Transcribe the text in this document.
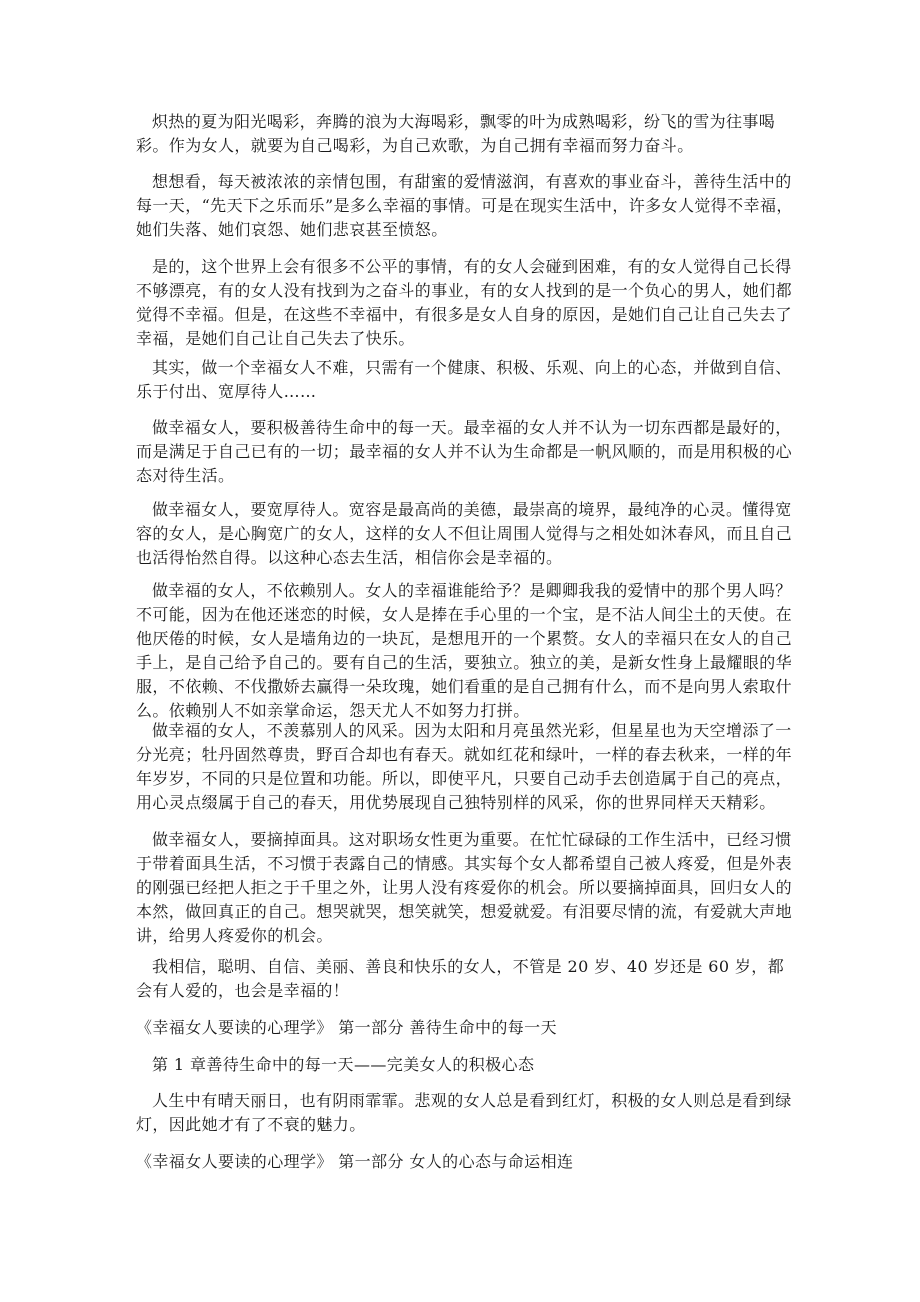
炽热的夏为阳光喝彩，奔腾的浪为大海喝彩，飘零的叶为成熟喝彩，纷飞的雪为往事喝彩。作为女人，就要为自己喝彩，为自己欢歌，为自己拥有幸福而努力奋斗。

想想看，每天被浓浓的亲情包围，有甜蜜的爱情滋润，有喜欢的事业奋斗，善待生活中的每一天，“先天下之乐而乐”是多么幸福的事情。可是在现实生活中，许多女人觉得不幸福，她们失落、她们哀怨、她们悲哀甚至愤怒。

是的，这个世界上会有很多不公平的事情，有的女人会碰到困难，有的女人觉得自己长得不够漂亮，有的女人没有找到为之奋斗的事业，有的女人找到的是一个负心的男人，她们都觉得不幸福。但是，在这些不幸福中，有很多是女人自身的原因，是她们自己让自己失去了幸福，是她们自己让自己失去了快乐。

其实，做一个幸福女人不难，只需有一个健康、积极、乐观、向上的心态，并做到自信、乐于付出、宽厚待人……

做幸福女人，要积极善待生命中的每一天。最幸福的女人并不认为一切东西都是最好的，而是满足于自己已有的一切；最幸福的女人并不认为生命都是一帆风顺的，而是用积极的心态对待生活。

做幸福女人，要宽厚待人。宽容是最高尚的美德，最崇高的境界，最纯净的心灵。懂得宽容的女人，是心胸宽广的女人，这样的女人不但让周围人觉得与之相处如沐春风，而且自己也活得怡然自得。以这种心态去生活，相信你会是幸福的。

做幸福的女人，不依赖别人。女人的幸福谁能给予？是卿卿我我的爱情中的那个男人吗？不可能，因为在他还迷恋的时候，女人是捧在手心里的一个宝，是不沾人间尘土的天使。在他厌倦的时候，女人是墙角边的一块瓦，是想甩开的一个累赘。女人的幸福只在女人的自己手上，是自己给予自己的。要有自己的生活，要独立。独立的美，是新女性身上最耀眼的华服，不依赖、不伐撒娇去赢得一朵玫瑰，她们看重的是自己拥有什么，而不是向男人索取什么。依赖别人不如亲掌命运，怨天尤人不如努力打拼。

做幸福的女人，不羡慕别人的风采。因为太阳和月亮虽然光彩，但星星也为天空增添了一分光亮；牡丹固然尊贵，野百合却也有春天。就如红花和绿叶，一样的春去秋来，一样的年年岁岁，不同的只是位置和功能。所以，即使平凡，只要自己动手去创造属于自己的亮点，用心灵点缀属于自己的春天，用优势展现自己独特别样的风采，你的世界同样天天精彩。

做幸福女人，要摘掉面具。这对职场女性更为重要。在忙忙碌碌的工作生活中，已经习惯于带着面具生活，不习惯于表露自己的情感。其实每个女人都希望自己被人疼爱，但是外表的刚强已经把人拒之于千里之外，让男人没有疼爱你的机会。所以要摘掉面具，回归女人的本然，做回真正的自己。想哭就哭，想笑就笑，想爱就爱。有泪要尽情的流，有爱就大声地讲，给男人疼爱你的机会。

我相信，聪明、自信、美丽、善良和快乐的女人，不管是 20 岁、40 岁还是 60 岁，都会有人爱的，也会是幸福的！

《幸福女人要读的心理学》 第一部分 善待生命中的每一天
第 1 章善待生命中的每一天——完美女人的积极心态

人生中有晴天丽日，也有阴雨霏霏。悲观的女人总是看到红灯，积极的女人则总是看到绿灯，因此她才有了不衰的魅力。

《幸福女人要读的心理学》 第一部分 女人的心态与命运相连
